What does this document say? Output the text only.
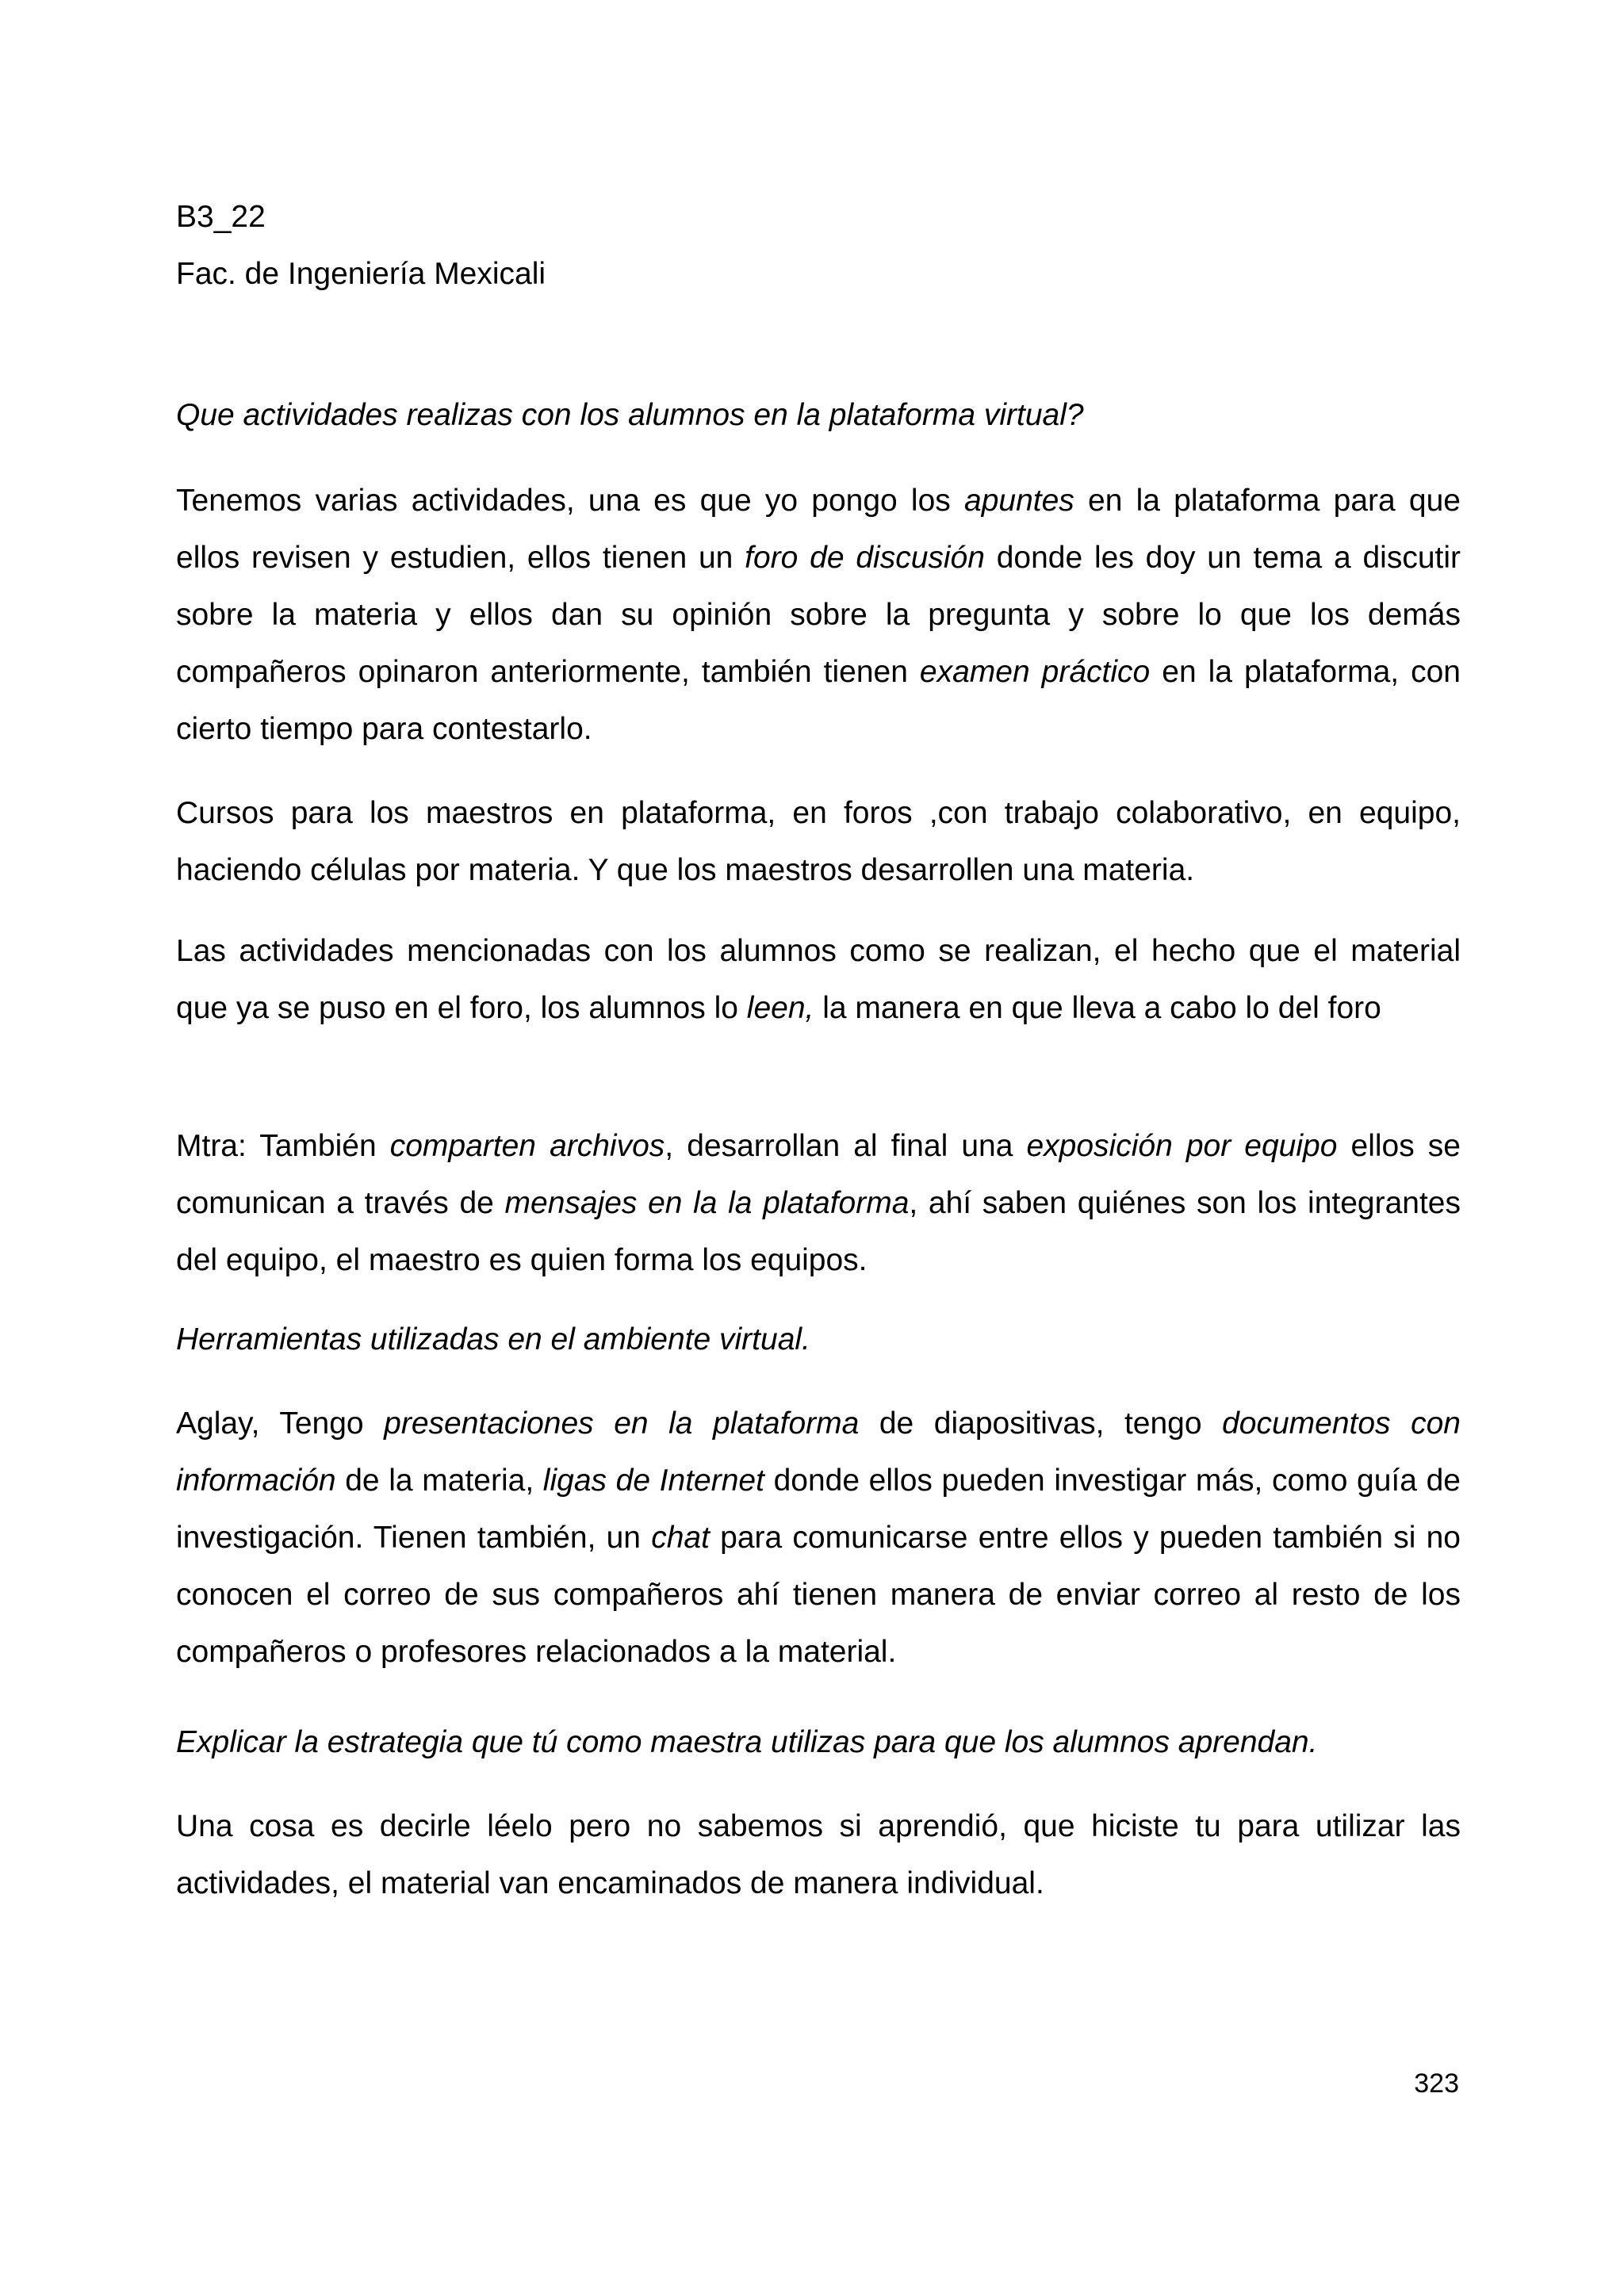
B3_22
Fac. de Ingeniería Mexicali

Que actividades realizas con los alumnos en la plataforma virtual?

Tenemos varias actividades, una es que yo pongo los apuntes en la plataforma para que ellos revisen y estudien, ellos tienen un foro de discusión donde les doy un tema a discutir sobre la materia y ellos dan su opinión sobre la pregunta y sobre lo que los demás compañeros opinaron anteriormente, también tienen examen práctico en la plataforma, con cierto tiempo para contestarlo.

Cursos para los maestros en plataforma, en foros ,con trabajo colaborativo, en equipo, haciendo células por materia. Y que los maestros desarrollen una materia.

Las actividades mencionadas con los alumnos como se realizan, el hecho que el material que ya se puso en el foro, los alumnos lo leen, la manera en que lleva a cabo lo del foro

Mtra: También comparten archivos, desarrollan al final una exposición por equipo ellos se comunican a través de mensajes en la la plataforma, ahí saben quiénes son los integrantes del equipo, el maestro es quien forma los equipos.

Herramientas utilizadas en el ambiente virtual.

Aglay, Tengo presentaciones en la plataforma de diapositivas, tengo documentos con información de la materia, ligas de Internet donde ellos pueden investigar más, como guía de investigación. Tienen también, un chat para comunicarse entre ellos y pueden también si no conocen el correo de sus compañeros ahí tienen manera de enviar correo al resto de los compañeros o profesores relacionados a la material.

Explicar la estrategia que tú como maestra utilizas para que los alumnos aprendan.

Una cosa es decirle léelo pero no sabemos si aprendió, que hiciste tu para utilizar las actividades, el material van encaminados de manera individual.

323
